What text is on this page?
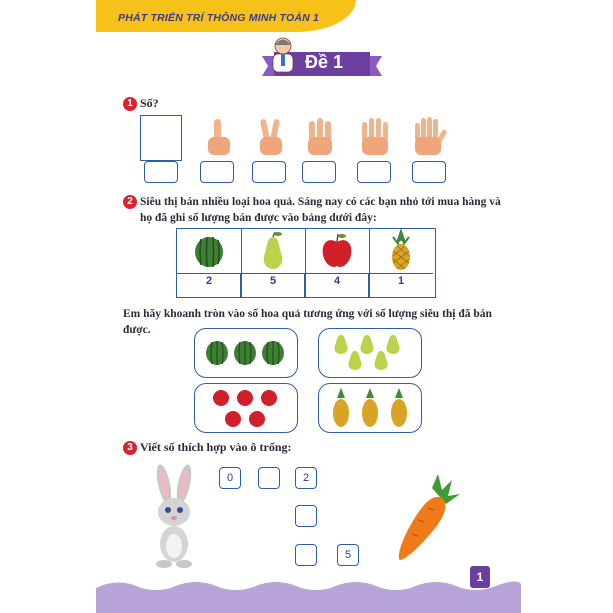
PHÁT TRIỂN TRÍ THÔNG MINH TOÁN 1
Đề 1
1 Số?
2 Siêu thị bán nhiều loại hoa quả. Sáng nay có các bạn nhỏ tới mua hàng và họ đã ghi số lượng bán được vào bảng dưới đây:
2	5	4	1
Em hãy khoanh tròn vào số hoa quả tương ứng với số lượng siêu thị đã bán được.
3 Viết số thích hợp vào ô trống:
0	2
5
1
